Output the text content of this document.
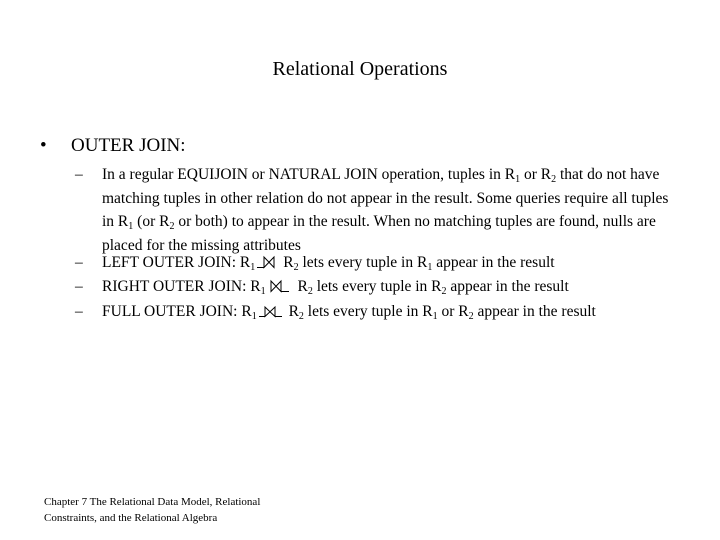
Relational Operations
• OUTER JOIN:
– In a regular EQUIJOIN or NATURAL JOIN operation, tuples in $R_1$ or $R_2$ that do not have matching tuples in other relation do not appear in the result. Some queries require all tuples in $R_1$ (or $R_2$ or both) to appear in the result. When no matching tuples are found, nulls are placed for the missing attributes
– LEFT OUTER JOIN: $R_1$ $R_2$ lets every tuple in $R_1$ appear in the result
– RIGHT OUTER JOIN: $R_1$
$R_2$ lets every tuple in $R_2$ appear in the result
– FULL OUTER JOIN: $R_1$
$R_2$ lets every tuple in $R_1$ or $R_2$ appear in the result
Chapter 7 The Relational Data Model, Relational
Constraints, and the Relational Algebra
